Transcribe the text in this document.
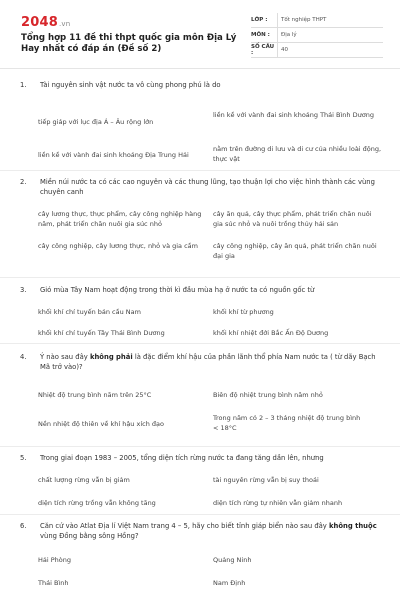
2048.vn
Tổng hợp 11 đề thi thpt quốc gia môn Địa Lý Hay nhất có đáp án (Đề số 2)
LỚP :	Tốt nghiệp THPT
MÔN :	Địa lý
SỐ CÂU :	40
1. Tài nguyên sinh vật nước ta vô cùng phong phú là do
tiếp giáp với lục địa Á – Âu rộng lớn
liền kề với vành đai sinh khoáng Thái Bình Dương
liền kề với vành đai sinh khoáng Địa Trung Hải
nằm trên đường di lưu và di cư của nhiều loài động, thực vật
2. Miền núi nước ta có các cao nguyên và các thung lũng, tạo thuận lợi cho việc hình thành các vùng chuyên canh
cây lương thực, thực phẩm, cây công nghiệp hàng năm, phát triển chăn nuôi gia súc nhỏ
cây ăn quả, cây thực phẩm, phát triển chăn nuôi gia súc nhỏ và nuôi trồng thủy hải sản
cây công nghiệp, cây lương thực, nhỏ và gia cầm	cây công nghiệp, cây ăn quả, phát triển chăn nuôi đại gia
3. Gió mùa Tây Nam hoạt động trong thời kì đầu mùa hạ ở nước ta có nguồn gốc từ
khối khí chí tuyến bán cầu Nam	khối khí từ phương
khối khí chí tuyến Tây Thái Bình Dương	khối khí nhiệt đới Bắc Ấn Độ Dương
4. Ý nào sau đây không phải là đặc điểm khí hậu của phần lãnh thổ phía Nam nước ta ( từ dãy Bạch Mã trở vào)?
Nhiệt độ trung bình năm trên 25°C	Biên độ nhiệt trung bình năm nhỏ
Nền nhiệt độ thiên về khí hậu xích đạo
Trong năm có 2 – 3 tháng nhiệt độ trung bình < 18°C
5. Trong giai đoạn 1983 – 2005, tổng diện tích rừng nước ta đang tăng dần lên, nhưng
chất lượng rừng vẫn bị giảm	tài nguyên rừng vẫn bị suy thoái
diện tích rừng trồng vẫn không tăng	diện tích rừng tự nhiên vẫn giảm nhanh
6. Căn cứ vào Atlat Địa lí Việt Nam trang 4 – 5, hãy cho biết tỉnh giáp biển nào sau đây không thuộc vùng Đồng bằng sông Hồng?
Hải Phòng	Quảng Ninh
Thái Bình	Nam Định
